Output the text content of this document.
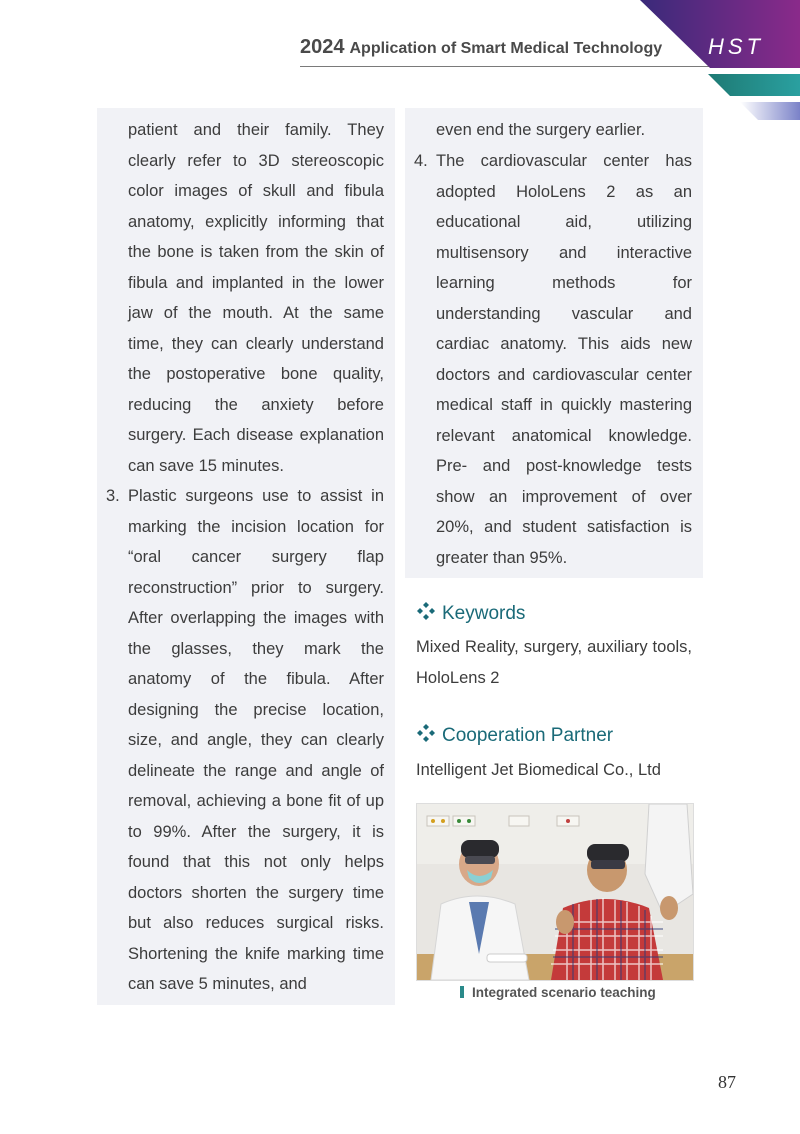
2024 Application of Smart Medical Technology HST

patient and their family. They clearly refer to 3D stereoscopic color images of skull and fibula anatomy, explicitly informing that the bone is taken from the skin of fibula and implanted in the lower jaw of the mouth. At the same time, they can clearly understand the postoperative bone quality, reducing the anxiety before surgery. Each disease explanation can save 15 minutes.

3. Plastic surgeons use to assist in marking the incision location for “oral cancer surgery flap reconstruction” prior to surgery. After overlapping the images with the glasses, they mark the anatomy of the fibula. After designing the precise location, size, and angle, they can clearly delineate the range and angle of removal, achieving a bone fit of up to 99%. After the surgery, it is found that this not only helps doctors shorten the surgery time but also reduces surgical risks. Shortening the knife marking time can save 5 minutes, and

even end the surgery earlier.

4. The cardiovascular center has adopted HoloLens 2 as an educational aid, utilizing multisensory and interactive learning methods for understanding vascular and cardiac anatomy. This aids new doctors and cardiovascular center medical staff in quickly mastering relevant anatomical knowledge. Pre- and post-knowledge tests show an improvement of over 20%, and student satisfaction is greater than 95%.

Keywords

Mixed Reality, surgery, auxiliary tools, HoloLens 2

Cooperation Partner

Intelligent Jet Biomedical Co., Ltd

Integrated scenario teaching
87
